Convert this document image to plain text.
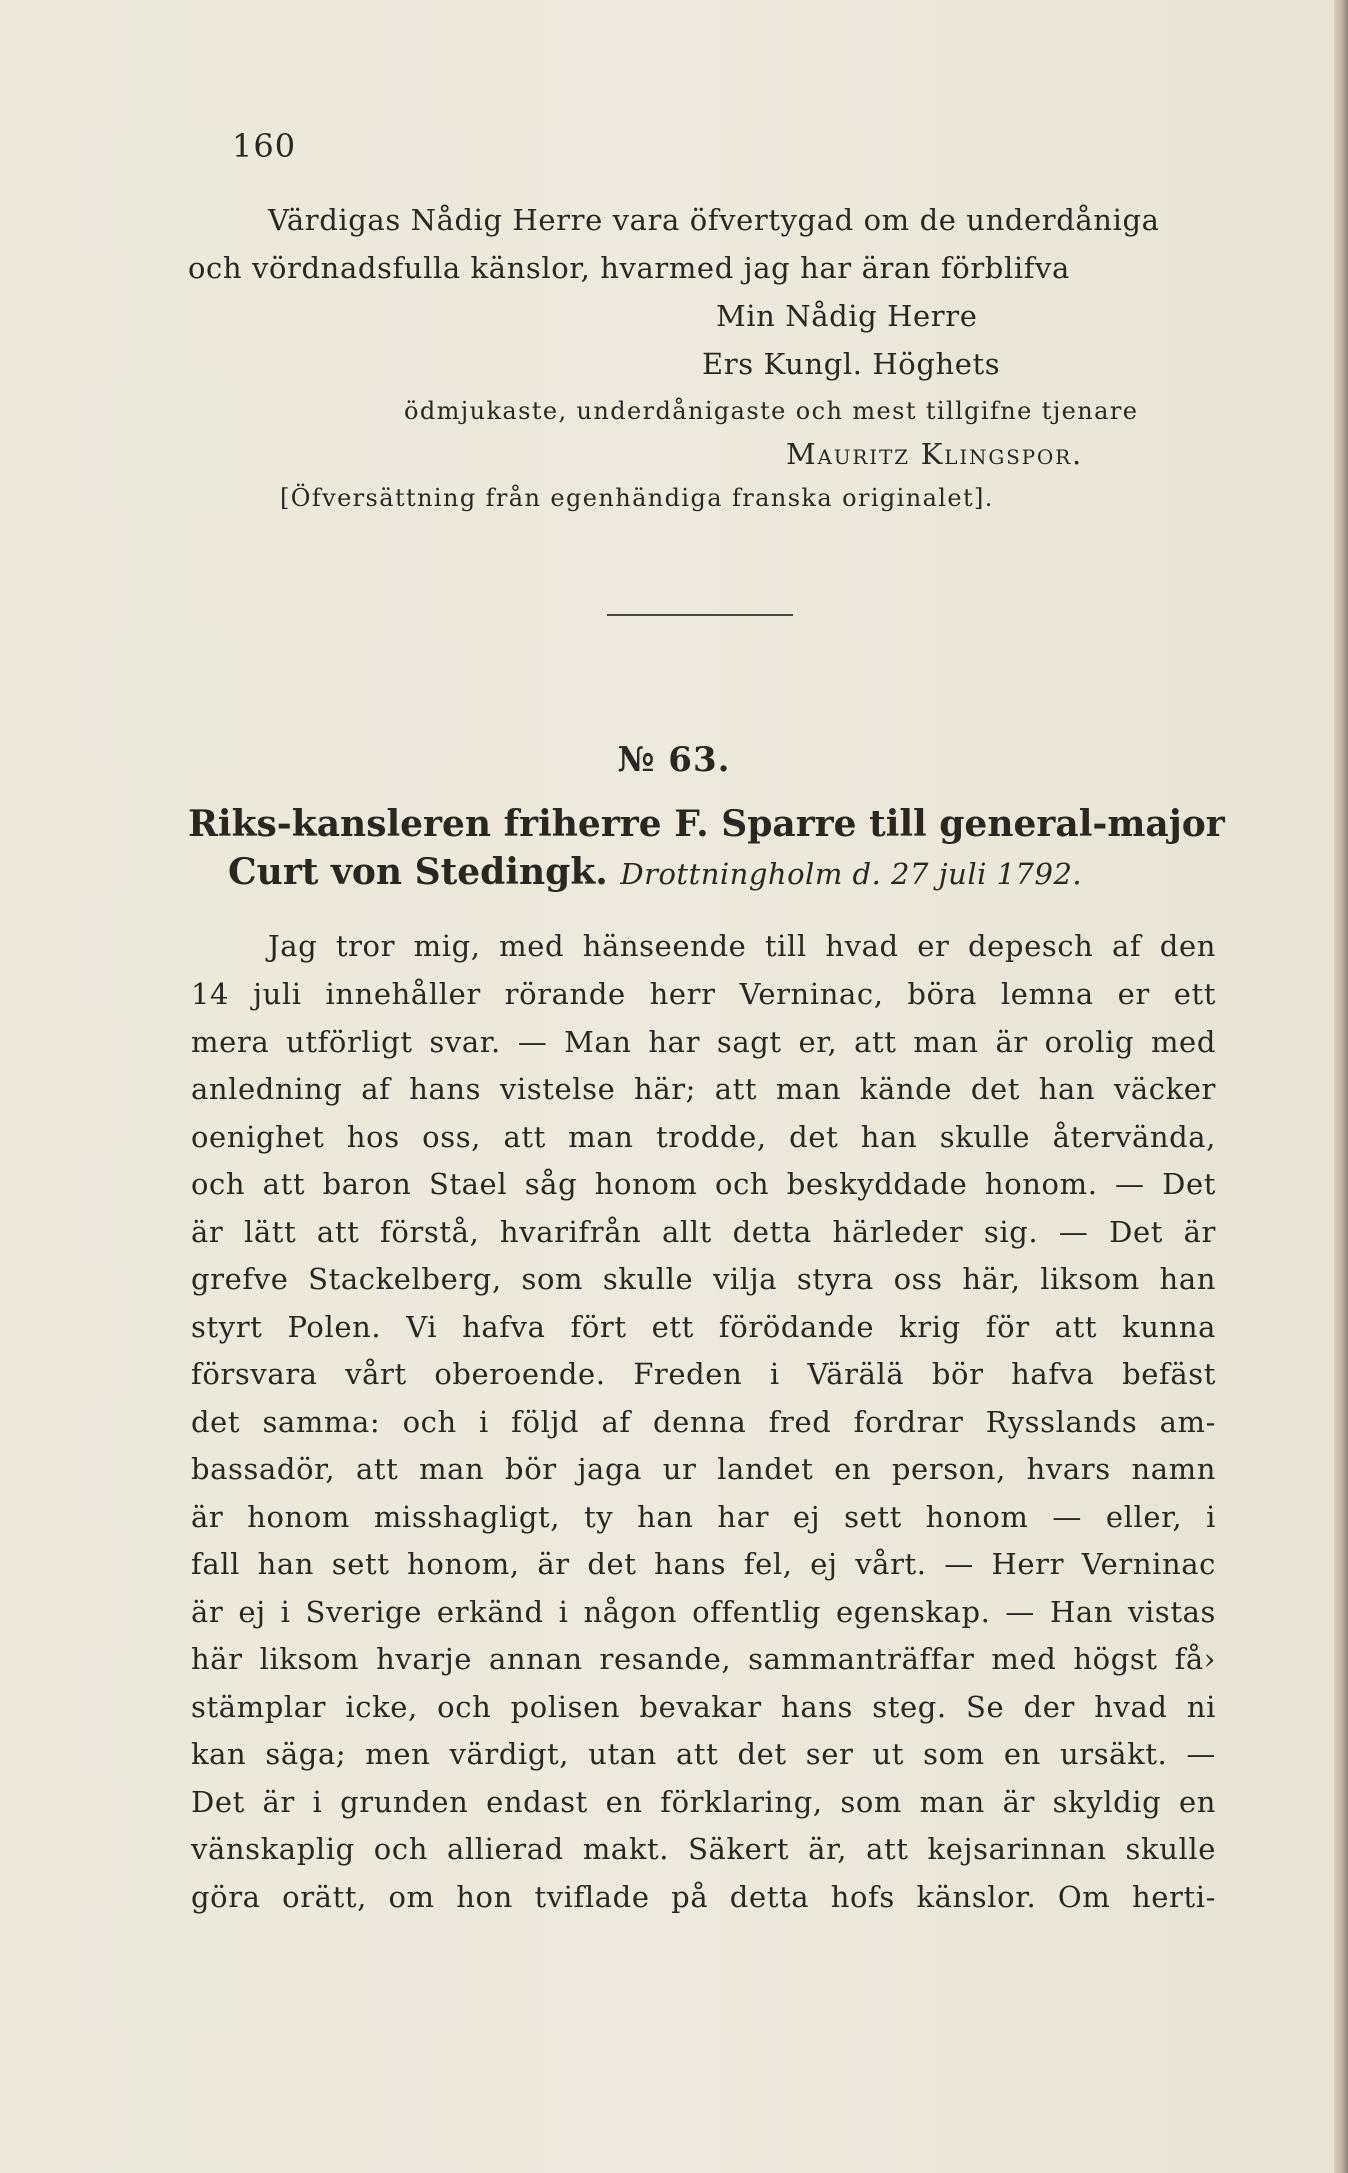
160
Värdigas Nådig Herre vara öfvertygad om de underdåniga
och vördnadsfulla känslor, hvarmed jag har äran förblifva
Min Nådig Herre
Ers Kungl. Höghets
ödmjukaste, underdånigaste och mest tillgifne tjenare
Mauritz Klingspor.
[Öfversättning från egenhändiga franska originalet].
№ 63.
Riks-kansleren friherre F. Sparre till general-major
Curt von Stedingk. Drottningholm d. 27 juli 1792.
Jag tror mig, med hänseende till hvad er depesch af den
14 juli innehåller rörande herr Verninac, böra lemna er ett
mera utförligt svar. — Man har sagt er, att man är orolig med
anledning af hans vistelse här; att man kände det han väcker
oenighet hos oss, att man trodde, det han skulle återvända,
och att baron Stael såg honom och beskyddade honom. — Det
är lätt att förstå, hvarifrån allt detta härleder sig. — Det är
grefve Stackelberg, som skulle vilja styra oss här, liksom han
styrt Polen. Vi hafva fört ett förödande krig för att kunna
försvara vårt oberoende. Freden i Värälä bör hafva befäst
det samma: och i följd af denna fred fordrar Rysslands am-
bassadör, att man bör jaga ur landet en person, hvars namn
är honom misshagligt, ty han har ej sett honom — eller, i
fall han sett honom, är det hans fel, ej vårt. — Herr Verninac
är ej i Sverige erkänd i någon offentlig egenskap. — Han vistas
här liksom hvarje annan resande, sammanträffar med högst få›
stämplar icke, och polisen bevakar hans steg. Se der hvad ni
kan säga; men värdigt, utan att det ser ut som en ursäkt. —
Det är i grunden endast en förklaring, som man är skyldig en
vänskaplig och allierad makt. Säkert är, att kejsarinnan skulle
göra orätt, om hon tviflade på detta hofs känslor. Om herti-
